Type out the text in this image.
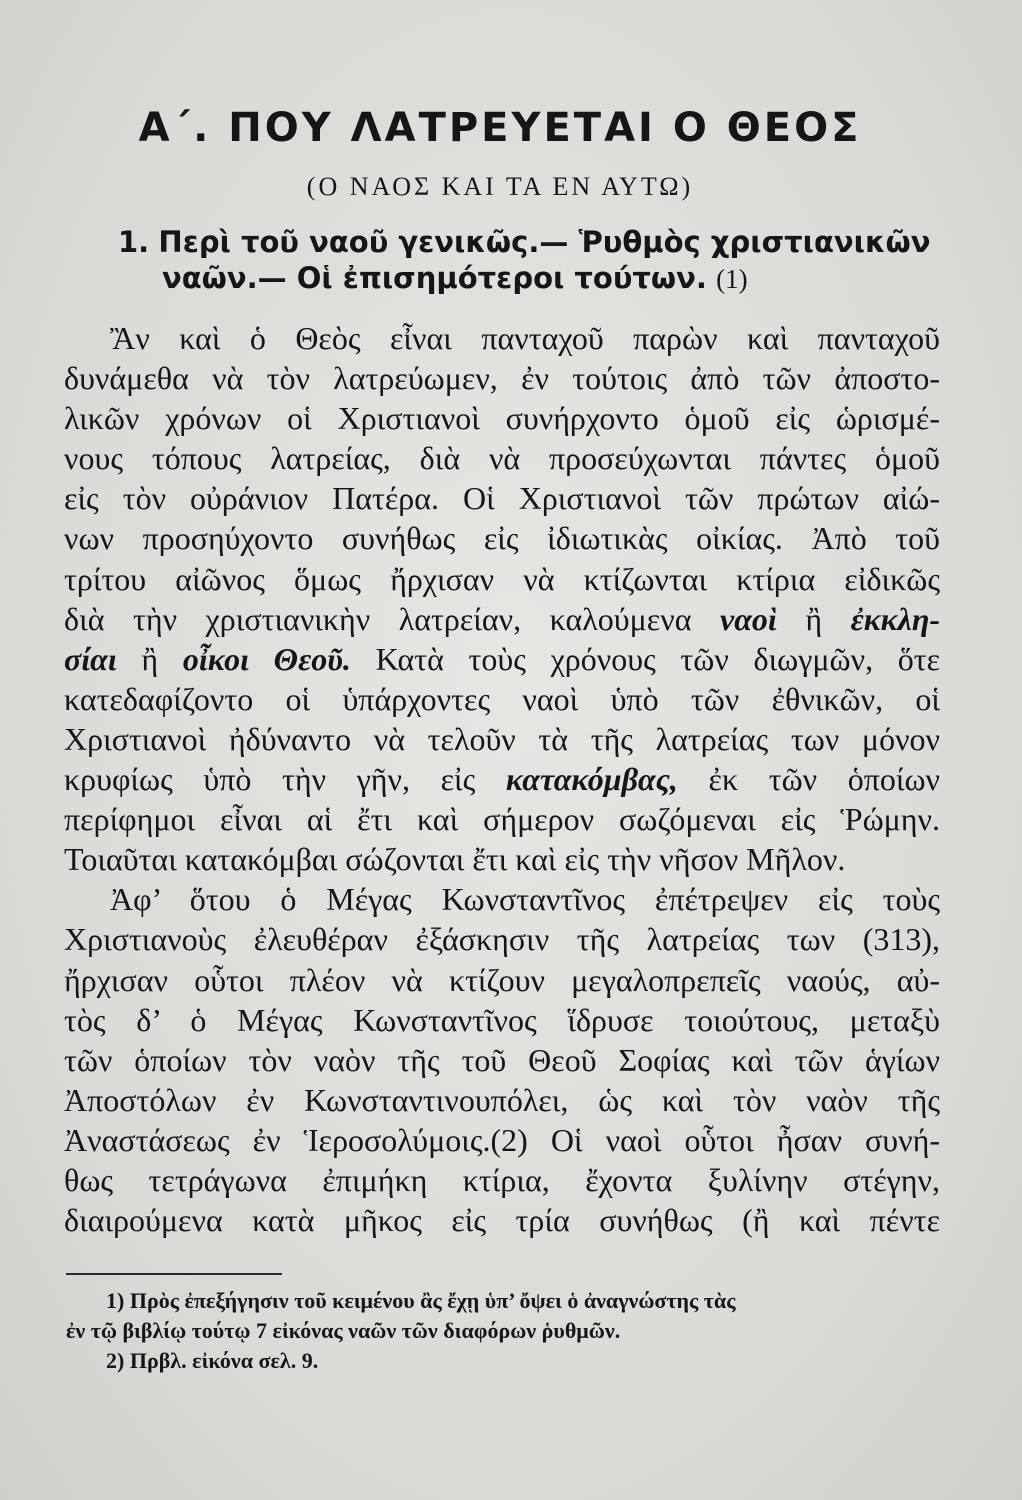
Α΄. ΠΟΥ ΛΑΤΡΕΥΕΤΑΙ Ο ΘΕΟΣ
(Ο ΝΑΟΣ ΚΑΙ ΤΑ ΕΝ ΑΥΤΩ)
1. Περὶ τοῦ ναοῦ γενικῶς.— Ῥυθμὸς χριστιανικῶν
ναῶν.— Οἱ ἐπισημότεροι τούτων. (1)
Ἂν καὶ ὁ Θεὸς εἶναι πανταχοῦ παρὼν καὶ πανταχοῦ
δυνάμεθα νὰ τὸν λατρεύωμεν, ἐν τούτοις ἀπὸ τῶν ἀποστο-
λικῶν χρόνων οἱ Χριστιανοὶ συνήρχοντο ὁμοῦ εἰς ὡρισμέ-
νους τόπους λατρείας, διὰ νὰ προσεύχωνται πάντες ὁμοῦ
εἰς τὸν οὐράνιον Πατέρα. Οἱ Χριστιανοὶ τῶν πρώτων αἰώ-
νων προσηύχοντο συνήθως εἰς ἰδιωτικὰς οἰκίας. Ἀπὸ τοῦ
τρίτου αἰῶνος ὅμως ἤρχισαν νὰ κτίζωνται κτίρια εἰδικῶς
διὰ τὴν χριστιανικὴν λατρείαν, καλούμενα ναοὶ ἢ ἐκκλη-
σίαι ἢ οἶκοι Θεοῦ. Κατὰ τοὺς χρόνους τῶν διωγμῶν, ὅτε
κατεδαφίζοντο οἱ ὑπάρχοντες ναοὶ ὑπὸ τῶν ἐθνικῶν, οἱ
Χριστιανοὶ ἠδύναντο νὰ τελοῦν τὰ τῆς λατρείας των μόνον
κρυφίως ὑπὸ τὴν γῆν, εἰς κατακόμβας, ἐκ τῶν ὁποίων
περίφημοι εἶναι αἱ ἔτι καὶ σήμερον σωζόμεναι εἰς Ῥώμην.
Τοιαῦται κατακόμβαι σώζονται ἔτι καὶ εἰς τὴν νῆσον Μῆλον.
Ἀφ’ ὅτου ὁ Μέγας Κωνσταντῖνος ἐπέτρεψεν εἰς τοὺς
Χριστιανοὺς ἐλευθέραν ἐξάσκησιν τῆς λατρείας των (313),
ἤρχισαν οὗτοι πλέον νὰ κτίζουν μεγαλοπρεπεῖς ναούς, αὐ-
τὸς δ’ ὁ Μέγας Κωνσταντῖνος ἵδρυσε τοιούτους, μεταξὺ
τῶν ὁποίων τὸν ναὸν τῆς τοῦ Θεοῦ Σοφίας καὶ τῶν ἁγίων
Ἀποστόλων ἐν Κωνσταντινουπόλει, ὡς καὶ τὸν ναὸν τῆς
Ἀναστάσεως ἐν Ἱεροσολύμοις.(2) Οἱ ναοὶ οὗτοι ἦσαν συνή-
θως τετράγωνα ἐπιμήκη κτίρια, ἔχοντα ξυλίνην στέγην,
διαιρούμενα κατὰ μῆκος εἰς τρία συνήθως (ἢ καὶ πέντε
1) Πρὸς ἐπεξήγησιν τοῦ κειμένου ἂς ἔχῃ ὑπ’ ὄψει ὁ ἀναγνώστης τὰς
ἐν τῷ βιβλίῳ τούτῳ 7 εἰκόνας ναῶν τῶν διαφόρων ῥυθμῶν.
2) Πρβλ. εἰκόνα σελ. 9.
